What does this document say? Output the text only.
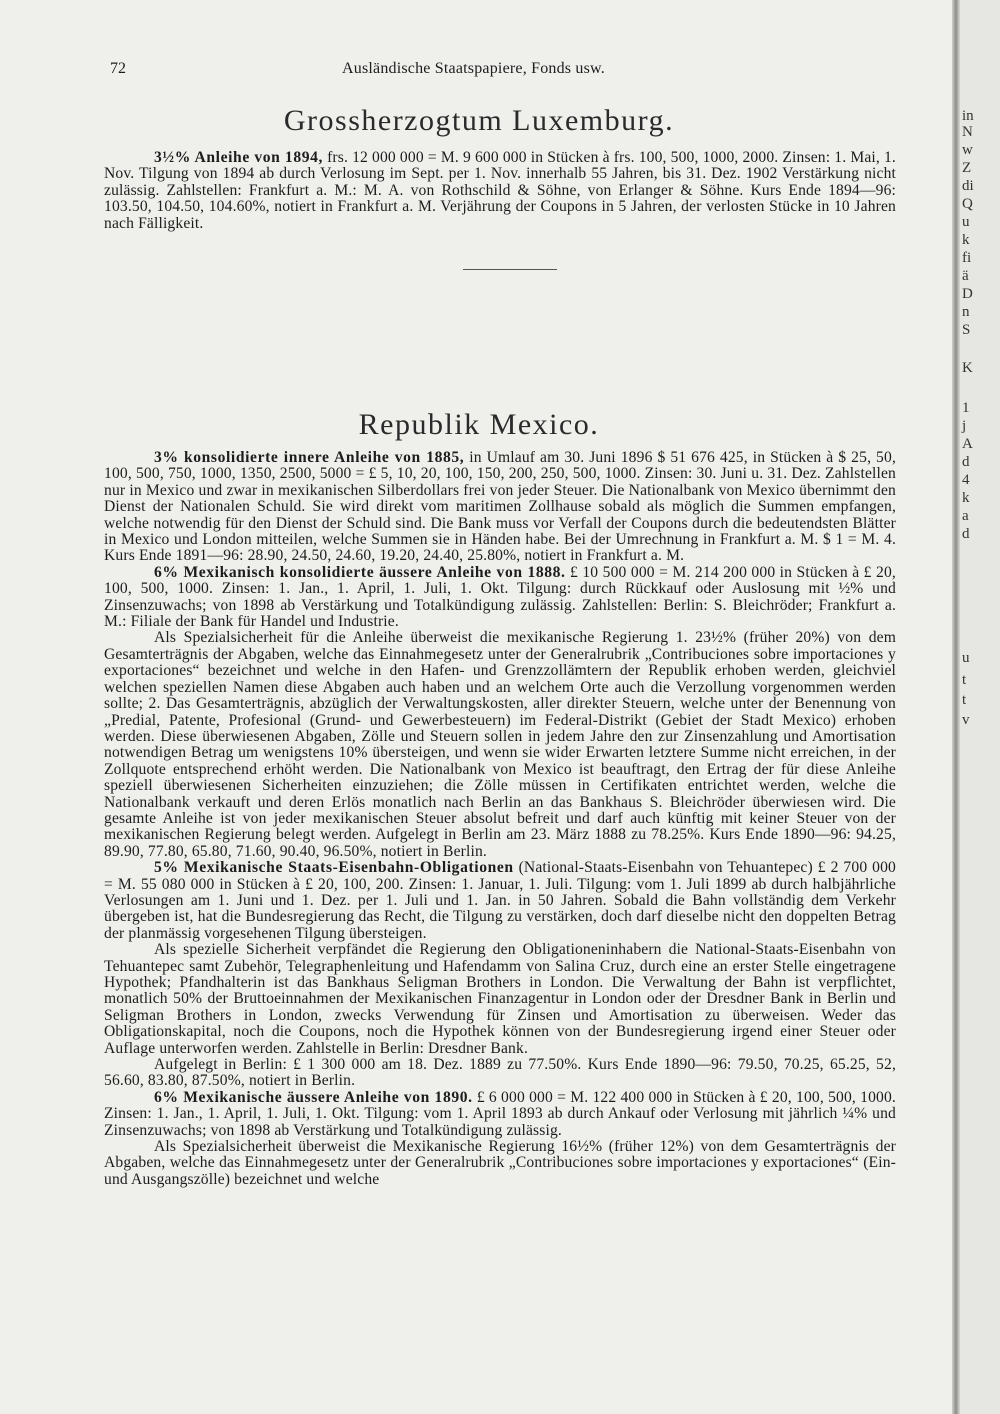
72	Ausländische Staatspapiere, Fonds usw.
Grossherzogtum Luxemburg.

3½% Anleihe von 1894, frs. 12 000 000 = M. 9 600 000 in Stücken à frs. 100, 500, 1000, 2000. Zinsen: 1. Mai, 1. Nov. Tilgung von 1894 ab durch Verlosung im Sept. per 1. Nov. innerhalb 55 Jahren, bis 31. Dez. 1902 Verstärkung nicht zulässig. Zahlstellen: Frankfurt a. M.: M. A. von Rothschild & Söhne, von Erlanger & Söhne. Kurs Ende 1894—96: 103.50, 104.50, 104.60%, notiert in Frankfurt a. M. Verjährung der Coupons in 5 Jahren, der verlosten Stücke in 10 Jahren nach Fälligkeit.

Republik Mexico.

3% konsolidierte innere Anleihe von 1885, in Umlauf am 30. Juni 1896 $ 51 676 425, in Stücken à $ 25, 50, 100, 500, 750, 1000, 1350, 2500, 5000 = £ 5, 10, 20, 100, 150, 200, 250, 500, 1000. Zinsen: 30. Juni u. 31. Dez. Zahlstellen nur in Mexico und zwar in mexikanischen Silberdollars frei von jeder Steuer. Die Nationalbank von Mexico übernimmt den Dienst der Nationalen Schuld. Sie wird direkt vom maritimen Zollhause sobald als möglich die Summen empfangen, welche notwendig für den Dienst der Schuld sind. Die Bank muss vor Verfall der Coupons durch die bedeutendsten Blätter in Mexico und London mitteilen, welche Summen sie in Händen habe. Bei der Umrechnung in Frankfurt a. M. $ 1 = M. 4. Kurs Ende 1891—96: 28.90, 24.50, 24.60, 19.20, 24.40, 25.80%, notiert in Frankfurt a. M.

6% Mexikanisch konsolidierte äussere Anleihe von 1888. £ 10 500 000 = M. 214 200 000 in Stücken à £ 20, 100, 500, 1000. Zinsen: 1. Jan., 1. April, 1. Juli, 1. Okt. Tilgung: durch Rückkauf oder Auslosung mit ½% und Zinsenzuwachs; von 1898 ab Verstärkung und Totalkündigung zulässig. Zahlstellen: Berlin: S. Bleichröder; Frankfurt a. M.: Filiale der Bank für Handel und Industrie.

Als Spezialsicherheit für die Anleihe überweist die mexikanische Regierung 1. 23½% (früher 20%) von dem Gesamterträgnis der Abgaben, welche das Einnahmegesetz unter der Generalrubrik „Contribuciones sobre importaciones y exportaciones“ bezeichnet und welche in den Hafen- und Grenzzollämtern der Republik erhoben werden, gleichviel welchen speziellen Namen diese Abgaben auch haben und an welchem Orte auch die Verzollung vorgenommen werden sollte; 2. Das Gesamterträgnis, abzüglich der Verwaltungskosten, aller direkter Steuern, welche unter der Benennung von „Predial, Patente, Profesional (Grund- und Gewerbesteuern) im Federal-Distrikt (Gebiet der Stadt Mexico) erhoben werden. Diese überwiesenen Abgaben, Zölle und Steuern sollen in jedem Jahre den zur Zinsenzahlung und Amortisation notwendigen Betrag um wenigstens 10% übersteigen, und wenn sie wider Erwarten letztere Summe nicht erreichen, in der Zollquote entsprechend erhöht werden. Die Nationalbank von Mexico ist beauftragt, den Ertrag der für diese Anleihe speziell überwiesenen Sicherheiten einzuziehen; die Zölle müssen in Certifikaten entrichtet werden, welche die Nationalbank verkauft und deren Erlös monatlich nach Berlin an das Bankhaus S. Bleichröder überwiesen wird. Die gesamte Anleihe ist von jeder mexikanischen Steuer absolut befreit und darf auch künftig mit keiner Steuer von der mexikanischen Regierung belegt werden. Aufgelegt in Berlin am 23. März 1888 zu 78.25%. Kurs Ende 1890—96: 94.25, 89.90, 77.80, 65.80, 71.60, 90.40, 96.50%, notiert in Berlin.

5% Mexikanische Staats-Eisenbahn-Obligationen (National-Staats-Eisenbahn von Tehuantepec) £ 2 700 000 = M. 55 080 000 in Stücken à £ 20, 100, 200. Zinsen: 1. Januar, 1. Juli. Tilgung: vom 1. Juli 1899 ab durch halbjährliche Verlosungen am 1. Juni und 1. Dez. per 1. Juli und 1. Jan. in 50 Jahren. Sobald die Bahn vollständig dem Verkehr übergeben ist, hat die Bundesregierung das Recht, die Tilgung zu verstärken, doch darf dieselbe nicht den doppelten Betrag der planmässig vorgesehenen Tilgung übersteigen.

Als spezielle Sicherheit verpfändet die Regierung den Obligationeninhabern die National-Staats-Eisenbahn von Tehuantepec samt Zubehör, Telegraphenleitung und Hafendamm von Salina Cruz, durch eine an erster Stelle eingetragene Hypothek; Pfandhalterin ist das Bankhaus Seligman Brothers in London. Die Verwaltung der Bahn ist verpflichtet, monatlich 50% der Bruttoeinnahmen der Mexikanischen Finanzagentur in London oder der Dresdner Bank in Berlin und Seligman Brothers in London, zwecks Verwendung für Zinsen und Amortisation zu überweisen. Weder das Obligationskapital, noch die Coupons, noch die Hypothek können von der Bundesregierung irgend einer Steuer oder Auflage unterworfen werden. Zahlstelle in Berlin: Dresdner Bank.

Aufgelegt in Berlin: £ 1 300 000 am 18. Dez. 1889 zu 77.50%. Kurs Ende 1890—96: 79.50, 70.25, 65.25, 52, 56.60, 83.80, 87.50%, notiert in Berlin.

6% Mexikanische äussere Anleihe von 1890. £ 6 000 000 = M. 122 400 000 in Stücken à £ 20, 100, 500, 1000. Zinsen: 1. Jan., 1. April, 1. Juli, 1. Okt. Tilgung: vom 1. April 1893 ab durch Ankauf oder Verlosung mit jährlich ¼% und Zinsenzuwachs; von 1898 ab Verstärkung und Totalkündigung zulässig.

Als Spezialsicherheit überweist die Mexikanische Regierung 16½% (früher 12%) von dem Gesamterträgnis der Abgaben, welche das Einnahmegesetz unter der Generalrubrik „Contribuciones sobre importaciones y exportaciones“ (Ein- und Ausgangszölle) bezeichnet und welche

in
N
w
Z
di
Q
u
k
fi
ä
D
n
S
K
1
j
A
d
4
k
a
d
u
t
t
v
